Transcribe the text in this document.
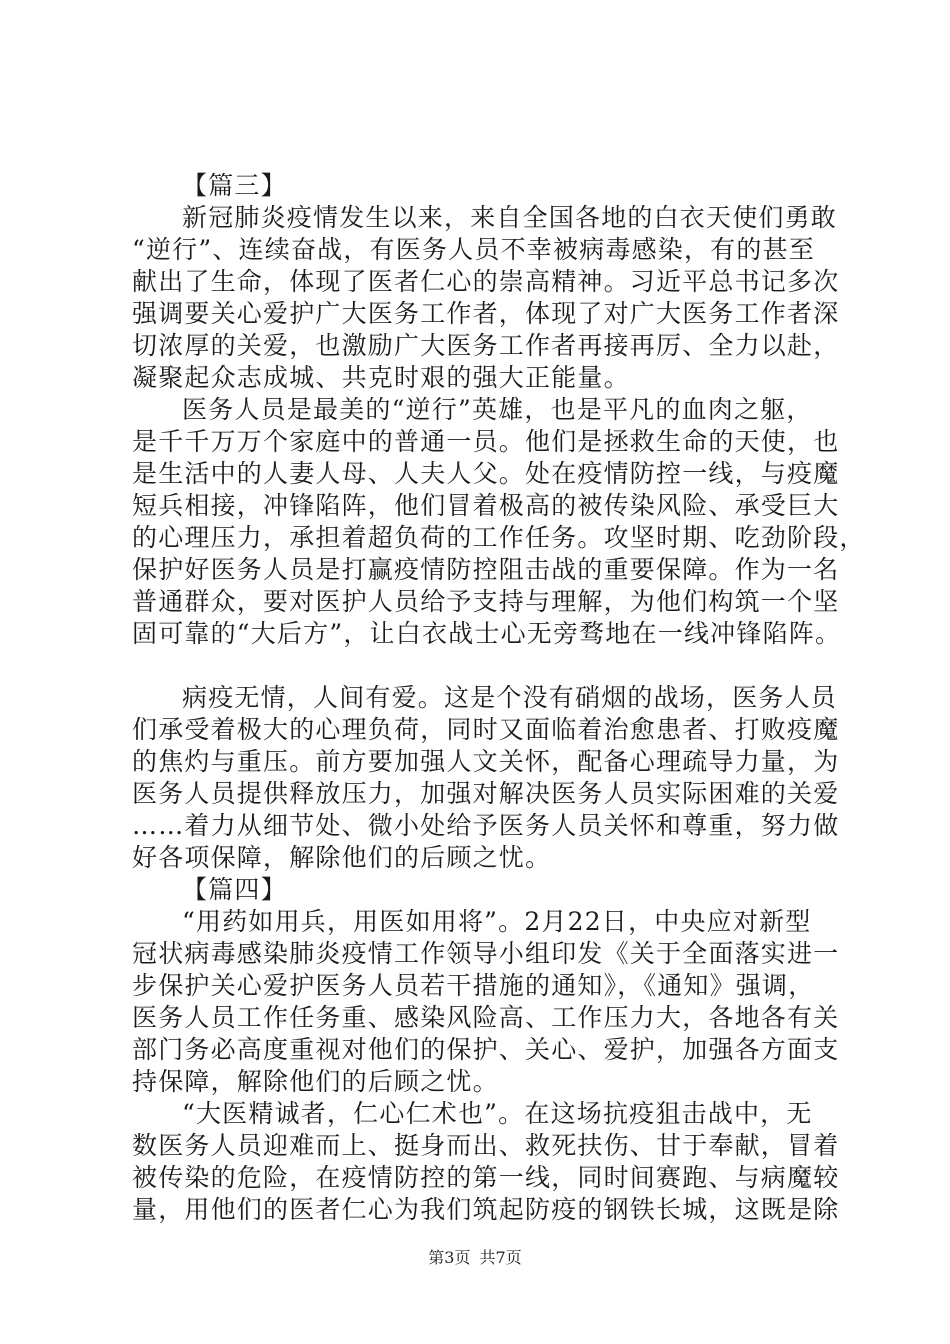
【篇三】
新冠肺炎疫情发生以来，来自全国各地的白衣天使们勇敢
“逆行”、连续奋战，有医务人员不幸被病毒感染，有的甚至
献出了生命，体现了医者仁心的崇高精神。习近平总书记多次
强调要关心爱护广大医务工作者，体现了对广大医务工作者深
切浓厚的关爱，也激励广大医务工作者再接再厉、全力以赴，
凝聚起众志成城、共克时艰的强大正能量。
医务人员是最美的“逆行”英雄，也是平凡的血肉之躯，
是千千万万个家庭中的普通一员。他们是拯救生命的天使，也
是生活中的人妻人母、人夫人父。处在疫情防控一线，与疫魔
短兵相接，冲锋陷阵，他们冒着极高的被传染风险、承受巨大
的心理压力，承担着超负荷的工作任务。攻坚时期、吃劲阶段，
保护好医务人员是打赢疫情防控阻击战的重要保障。作为一名
普通群众，要对医护人员给予支持与理解，为他们构筑一个坚
固可靠的“大后方”，让白衣战士心无旁骛地在一线冲锋陷阵。
病疫无情，人间有爱。这是个没有硝烟的战场，医务人员
们承受着极大的心理负荷，同时又面临着治愈患者、打败疫魔
的焦灼与重压。前方要加强人文关怀，配备心理疏导力量，为
医务人员提供释放压力，加强对解决医务人员实际困难的关爱
……着力从细节处、微小处给予医务人员关怀和尊重，努力做
好各项保障，解除他们的后顾之忧。
【篇四】
“用药如用兵，用医如用将”。2月22日，中央应对新型
冠状病毒感染肺炎疫情工作领导小组印发《关于全面落实进一
步保护关心爱护医务人员若干措施的通知》，《通知》强调，
医务人员工作任务重、感染风险高、工作压力大，各地各有关
部门务必高度重视对他们的保护、关心、爱护，加强各方面支
持保障，解除他们的后顾之忧。
“大医精诚者，仁心仁术也”。在这场抗疫狙击战中，无
数医务人员迎难而上、挺身而出、救死扶伤、甘于奉献，冒着
被传染的危险，在疫情防控的第一线，同时间赛跑、与病魔较
量，用他们的医者仁心为我们筑起防疫的钢铁长城，这既是除
第3页 共7页
